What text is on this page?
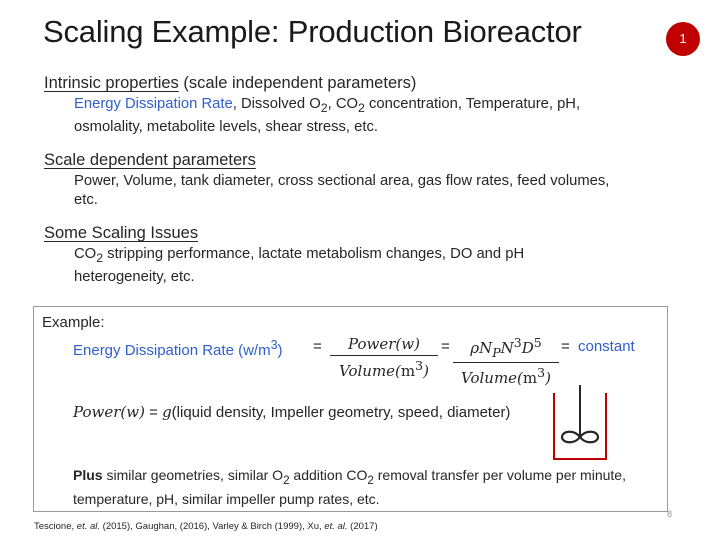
Scaling Example: Production Bioreactor	1

Intrinsic properties (scale independent parameters)

Energy Dissipation Rate, Dissolved $O_2$, $CO_2$ concentration, Temperature, pH,
osmolality, metabolite levels, shear stress, etc.

Scale dependent parameters

Power, Volume, tank diameter, cross sectional area, gas flow rates, feed volumes,
etc.

Some Scaling Issues

$CO_2$ stripping performance, lactate metabolism changes, DO and pH
heterogeneity, etc.
Example:
Energy Dissipation Rate $(w/m^3)$ =	Power(w)
$Volume(m^3)$
=	$\rho N_PN^3D^5$
$Volume(m^3)$
= constant
Power(w) = g(liquid density, Impeller geometry, speed, diameter)
Plus similar geometries, similar $O_2$ addition $CO_2$ removal transfer per volume per minute,
temperature, pH, similar impeller pump rates, etc.
Tescione, et. al. (2015), Gaughan, (2016), Varley & Birch (1999), Xu, et. al. (2017)
8
